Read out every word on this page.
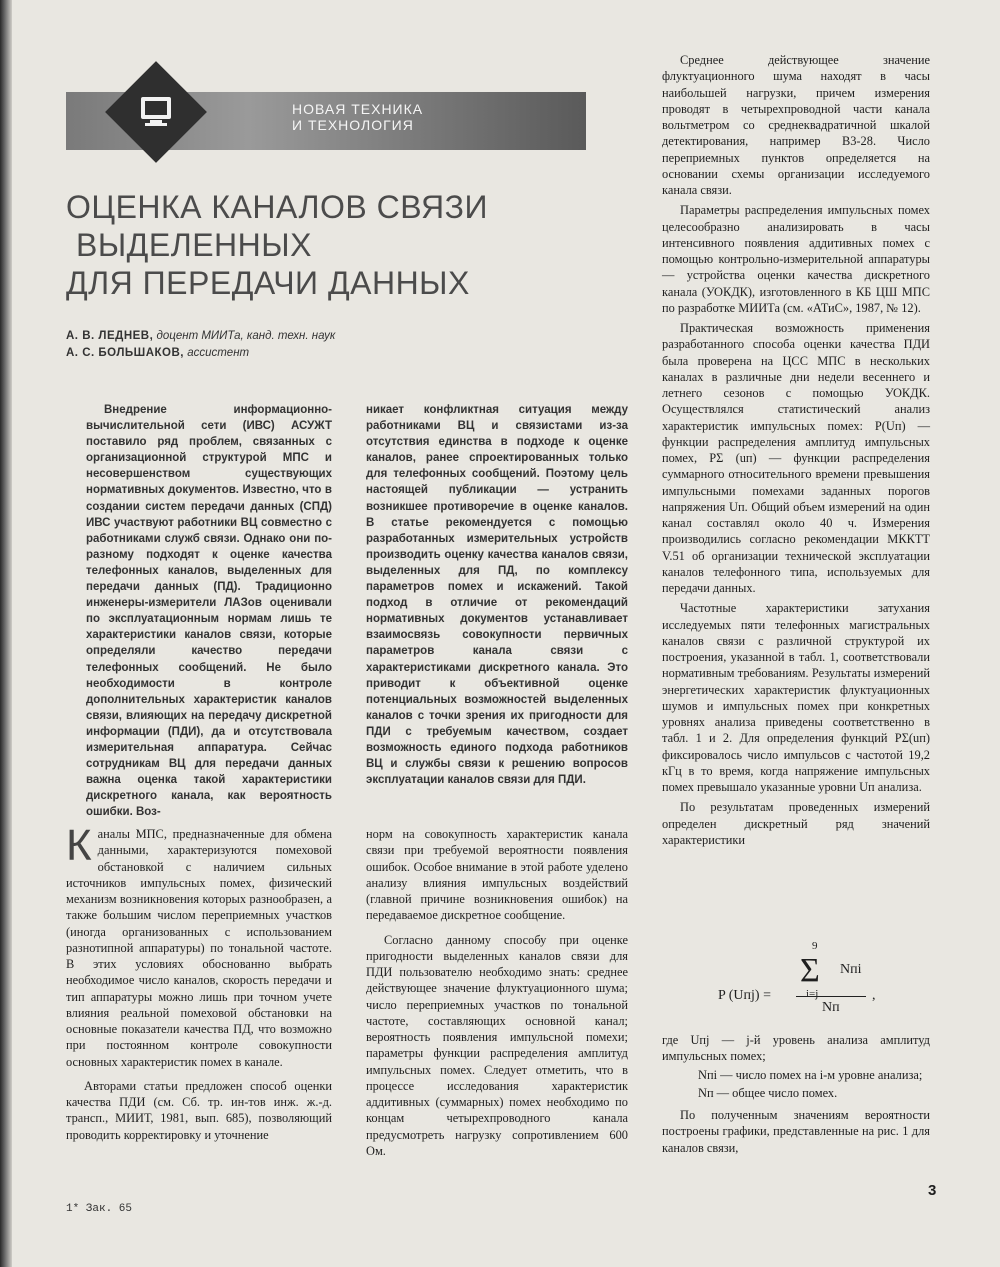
НОВАЯ ТЕХНИКА
И ТЕХНОЛОГИЯ
ОЦЕНКА КАНАЛОВ СВЯЗИ
ВЫДЕЛЕННЫХ
ДЛЯ ПЕРЕДАЧИ ДАННЫХ
А. В. ЛЕДНЕВ, доцент МИИТа, канд. техн. наук
А. С. БОЛЬШАКОВ, ассистент

Внедрение информационно-вычислительной сети (ИВС) АСУЖТ поставило ряд проблем, связанных с организационной структурой МПС и несовершенством существующих нормативных документов. Известно, что в создании систем передачи данных (СПД) ИВС участвуют работники ВЦ совместно с работниками служб связи. Однако они по-разному подходят к оценке качества телефонных каналов, выделенных для передачи данных (ПД). Традиционно инженеры-измерители ЛАЗов оценивали по эксплуатационным нормам лишь те характеристики каналов связи, которые определяли качество передачи телефонных сообщений. Не было необходимости в контроле дополнительных характеристик каналов связи, влияющих на передачу дискретной информации (ПДИ), да и отсутствовала измерительная аппаратура. Сейчас сотрудникам ВЦ для передачи данных важна оценка такой характеристики дискретного канала, как вероятность ошибки. Воз-

никает конфликтная ситуация между работниками ВЦ и связистами из-за отсутствия единства в подходе к оценке каналов, ранее спроектированных только для телефонных сообщений. Поэтому цель настоящей публикации — устранить возникшее противоречие в оценке каналов. В статье рекомендуется с помощью разработанных измерительных устройств производить оценку качества каналов связи, выделенных для ПД, по комплексу параметров помех и искажений. Такой подход в отличие от рекомендаций нормативных документов устанавливает взаимосвязь совокупности первичных параметров канала связи с характеристиками дискретного канала. Это приводит к объективной оценке потенциальных возможностей выделенных каналов с точки зрения их пригодности для ПДИ с требуемым качеством, создает возможность единого подхода работников ВЦ и службы связи к решению вопросов эксплуатации каналов связи для ПДИ.

Каналы МПС, предназначенные для обмена данными, характеризуются помеховой обстановкой с наличием сильных источников импульсных помех, физический механизм возникновения которых разнообразен, а также большим числом переприемных участков (иногда организованных с использованием разнотипной аппаратуры) по тональной частоте. В этих условиях обоснованно выбрать необходимое число каналов, скорость передачи и тип аппаратуры можно лишь при точном учете влияния реальной помеховой обстановки на основные показатели качества ПД, что возможно при постоянном контроле совокупности основных характеристик помех в канале.

Авторами статьи предложен способ оценки качества ПДИ (см. Сб. тр. ин-тов инж. ж.-д. трансп., МИИТ, 1981, вып. 685), позволяющий проводить корректировку и уточнение

норм на совокупность характеристик канала связи при требуемой вероятности появления ошибок. Особое внимание в этой работе уделено анализу влияния импульсных воздействий (главной причине возникновения ошибок) на передаваемое дискретное сообщение.

Согласно данному способу при оценке пригодности выделенных каналов связи для ПДИ пользователю необходимо знать: среднее действующее значение флуктуационного шума; число переприемных участков по тональной частоте, составляющих основной канал; вероятность появления импульсной помехи; параметры функции распределения амплитуд импульсных помех. Следует отметить, что в процессе исследования характеристик аддитивных (суммарных) помех необходимо по концам четырехпроводного канала предусмотреть нагрузку сопротивлением 600 Ом.

Среднее действующее значение флуктуационного шума находят в часы наибольшей нагрузки, причем измерения проводят в четырехпроводной части канала вольтметром со среднеквадратичной шкалой детектирования, например В3-28. Число переприемных пунктов определяется на основании схемы организации исследуемого канала связи.

Параметры распределения импульсных помех целесообразно анализировать в часы интенсивного появления аддитивных помех с помощью контрольно-измерительной аппаратуры — устройства оценки качества дискретного канала (УОКДК), изготовленного в КБ ЦШ МПС по разработке МИИТа (см. «АТиС», 1987, № 12).

Практическая возможность применения разработанного способа оценки качества ПДИ была проверена на ЦСС МПС в нескольких каналах в различные дни недели весеннего и летнего сезонов с помощью УОКДК. Осуществлялся статистический анализ характеристик импульсных помех: P(Uп) — функции распределения амплитуд импульсных помех, PΣ (uп) — функции распределения суммарного относительного времени превышения импульсными помехами заданных порогов напряжения Uп. Общий объем измерений на один канал составлял около 40 ч. Измерения производились согласно рекомендации МККТТ V.51 об организации технической эксплуатации каналов телефонного типа, используемых для передачи данных.

Частотные характеристики затухания исследуемых пяти телефонных магистральных каналов связи с различной структурой их построения, указанной в табл. 1, соответствовали нормативным требованиям. Результаты измерений энергетических характеристик флуктуационных шумов и импульсных помех при конкретных уровнях анализа приведены соответственно в табл. 1 и 2. Для определения функций PΣ(uп) фиксировалось число импульсов с частотой 19,2 кГц в то время, когда напряжение импульсных помех превышало указанные уровни Uп анализа.

По результатам проведенных измерений определен дискретный ряд значений характеристики

P (Uпj) =
9
Σ
i=j
Nпi
Nп
,

где Uпj — j-й уровень анализа амплитуд импульсных помех;

Nпi — число помех на i-м уровне анализа;

Nп — общее число помех.

По полученным значениям вероятности построены графики, представленные на рис. 1 для каналов связи,

1* Зак. 65
3
